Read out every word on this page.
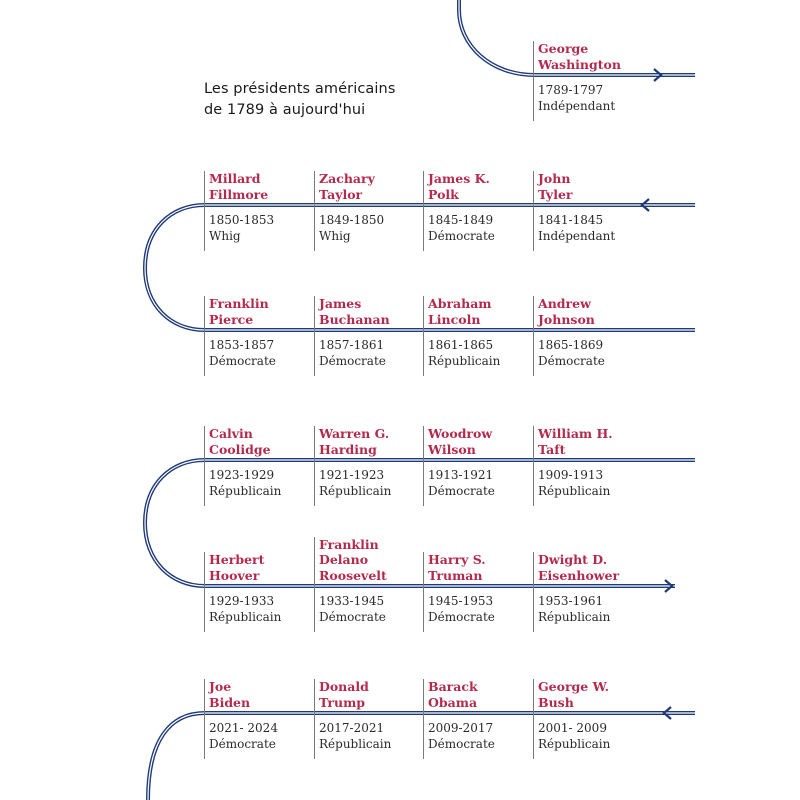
Les présidents américains
de 1789 à aujourd'hui
George
Washington
1789-1797
Indépendant
John
Tyler
1841-1845
Indépendant
James K.
Polk
1845-1849
Démocrate
Zachary
Taylor
1849-1850
Whig
Millard
Fillmore
1850-1853
Whig
Franklin
Pierce
1853-1857
Démocrate
James
Buchanan
1857-1861
Démocrate
Abraham
Lincoln
1861-1865
Républicain
Andrew
Johnson
1865-1869
Démocrate
William H.
Taft
1909-1913
Républicain
Woodrow
Wilson
1913-1921
Démocrate
Warren G.
Harding
1921-1923
Républicain
Calvin
Coolidge
1923-1929
Républicain
Herbert
Hoover
1929-1933
Républicain
Franklin
Delano
Roosevelt
1933-1945
Démocrate
Harry S.
Truman
1945-1953
Démocrate
Dwight D.
Eisenhower
1953-1961
Républicain
George W.
Bush
2001- 2009
Républicain
Barack
Obama
2009-2017
Démocrate
Donald
Trump
2017-2021
Républicain
Joe
Biden
2021- 2024
Démocrate
